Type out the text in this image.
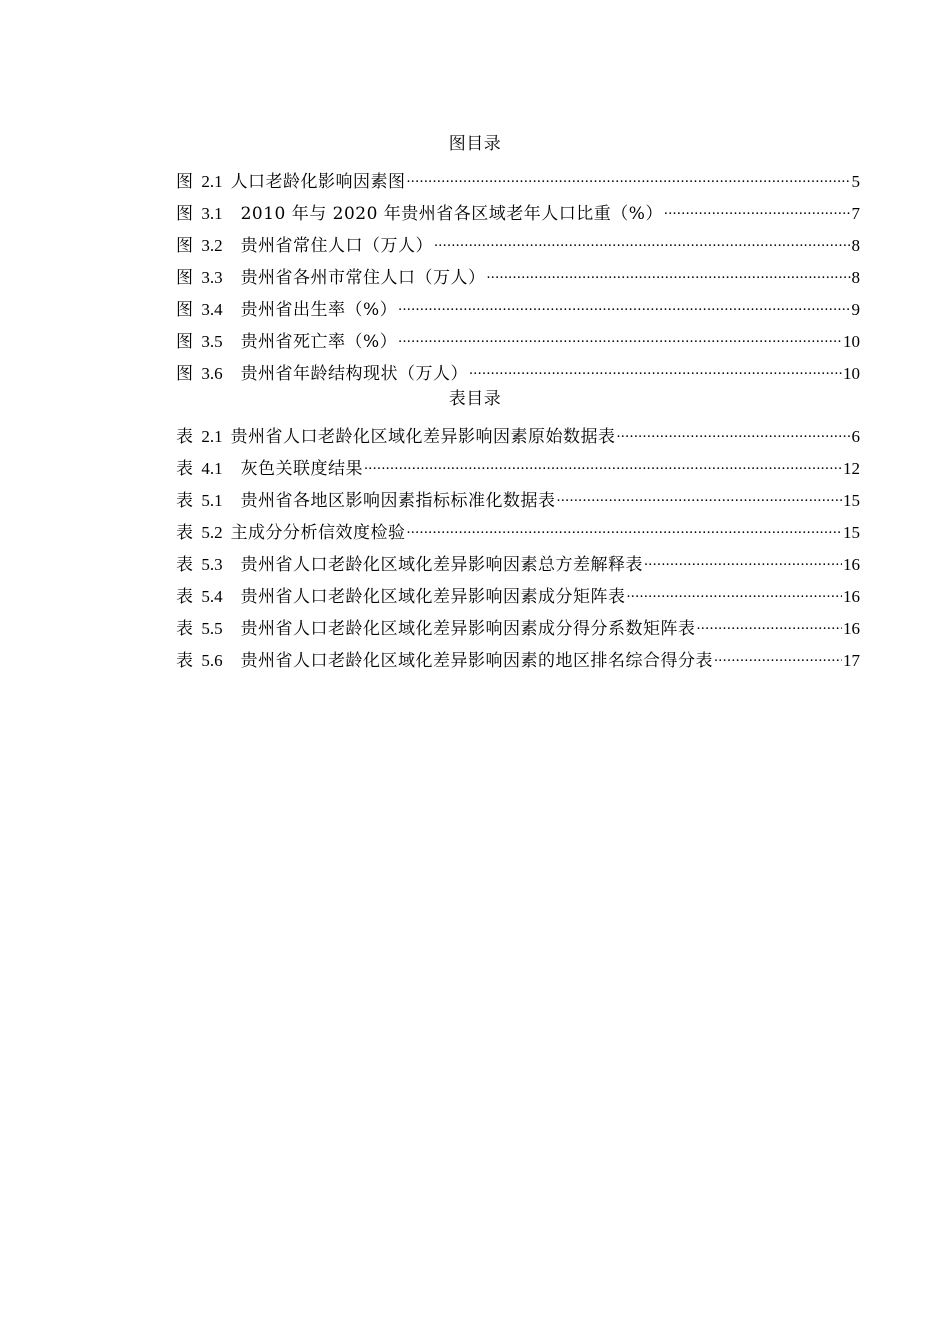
图目录
图 2.1 人口老龄化影响因素图 .....	5
图 3.1 2010 年与 2020 年贵州省各区域老年人口比重（%） .....	7
图 3.2 贵州省常住人口（万人） .....	8
图 3.3 贵州省各州市常住人口（万人） .....	8
图 3.4 贵州省出生率（%） .....	9
图 3.5 贵州省死亡率（%） .....	10
图 3.6 贵州省年龄结构现状（万人） .....	10
表目录
表 2.1 贵州省人口老龄化区域化差异影响因素原始数据表 .....	6
表 4.1 灰色关联度结果 .....	12
表 5.1 贵州省各地区影响因素指标标准化数据表 .....	15
表 5.2 主成分分析信效度检验 .....	15
表 5.3 贵州省人口老龄化区域化差异影响因素总方差解释表 .....	16
表 5.4 贵州省人口老龄化区域化差异影响因素成分矩阵表 .....	16
表 5.5 贵州省人口老龄化区域化差异影响因素成分得分系数矩阵表 .....	16
表 5.6 贵州省人口老龄化区域化差异影响因素的地区排名综合得分表 .....	17
